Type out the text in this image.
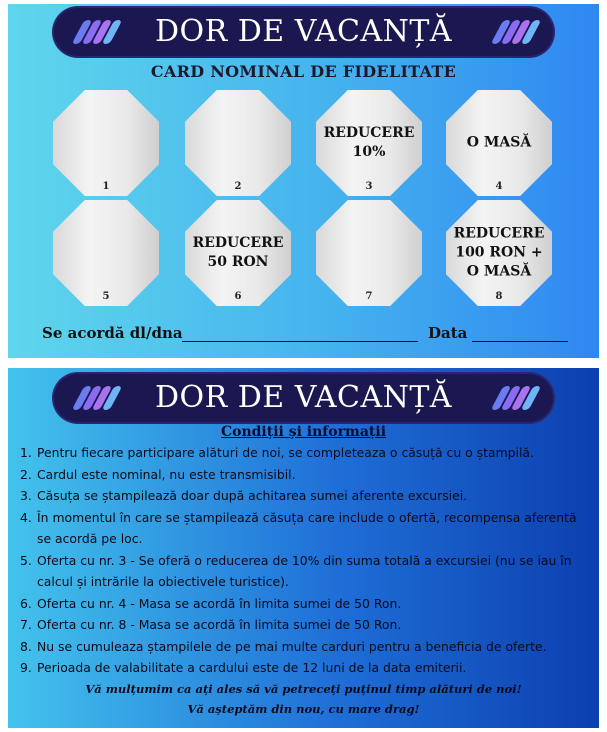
DOR DE VACANȚĂ
CARD NOMINAL DE FIDELITATE
1	2
REDUCERE
10%
3
O MASĂ
4
5
REDUCERE
50 RON
6	7
REDUCERE
100 RON +
O MASĂ
8
Se acordă dl/dna	Data
DOR DE VACANȚĂ
Condiții și informații
1. Pentru fiecare participare alături de noi, se completeaza o căsuță cu o ștampilă.
2. Cardul este nominal, nu este transmisibil.
3. Căsuța se ștampilează doar după achitarea sumei aferente excursiei.
4. În momentul în care se ștampilează căsuța care include o ofertă, recompensa aferentă se acordă pe loc.
5. Oferta cu nr. 3 - Se oferă o reducerea de 10% din suma totală a excursiei (nu se iau în calcul și intrările la obiectivele turistice).
6. Oferta cu nr. 4 - Masa se acordă în limita sumei de 50 Ron.
7. Oferta cu nr. 8 - Masa se acordă în limita sumei de 50 Ron.
8. Nu se cumuleaza ștampilele de pe mai multe carduri pentru a beneficia de oferte.
9. Perioada de valabilitate a cardului este de 12 luni de la data emiterii.
Vă mulțumim ca ați ales să vă petreceți puținul timp alături de noi!
Vă așteptăm din nou, cu mare drag!
